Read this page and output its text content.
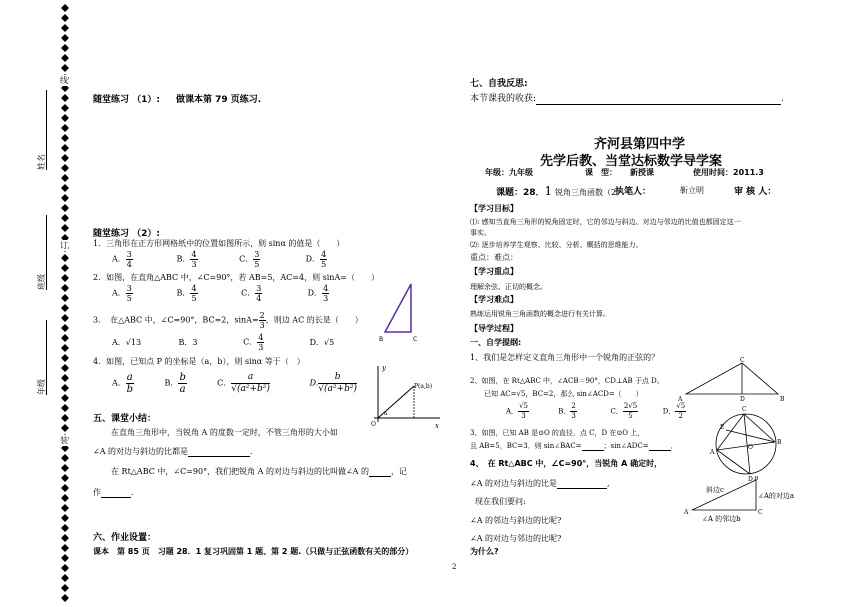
装
订
线
姓名
班级
年级
随堂练习 （1）: 做课本第 79 页练习.
随堂练习 （2）:
1．三角形在正方形网格纸中的位置如图所示，则 sinα 的值是（　　）
A． $\frac{3}{4}$	B． $\frac{4}{3}$	C． $\frac{3}{5}$	D． $\frac{4}{5}$
2．如图，在直角△ABC 中，∠C=90°，若 AB=5，AC=4，则 sinA=（　　）
A． $\frac{3}{5}$	B． $\frac{4}{5}$	C． $\frac{3}{4}$	D． $\frac{4}{3}$
3．　在△ABC 中，∠C=90°，BC=2，$\sin A= \frac{2}{3}$ ，则边 AC 的长是（　　）
A．√13	B．3	C． $\frac{4}{3}$	D．√5
4．如图，已知点 P 的坐标是（a，b），则 sinα 等于（　）
A． $\frac{a}{b}$	B． $\frac{b}{a}$	C． $\frac{a}{\text{√(a²+b²)}}$	D. $\frac{b}{\text{√(a²+b²)}}$
B	C
y
x
O
P(a,b)
α
五、课堂小结：
在直角三角形中，当锐角 A 的度数一定时，不管三角形的大小如
∠A 的对边与斜边的比都是	.
在 Rt△ABC 中，∠C=90°，我们把锐角 A 的对边与斜边的比叫做∠A 的	，记
作	.
六、作业设置：
课本　第 85 页　习题 28．1 复习巩固第 1 题、第 2 题.（只做与正弦函数有关的部分）
2
七、自我反思:
本节课我的收获:	.
齐河县第四中学
先学后教、当堂达标数学导学案
年级：九年级	课　型： 新授课	使用时间：2011.3
课题：28．1 锐角三角函数（2）
执笔人：	靳立明	审 核 人：
【学习目标】
⑴: 感知当直角三角形的锐角固定时，它的邻边与斜边、对边与邻边的比值也都固定这一
事实。
⑵: 逐步培养学生观察、比较、分析、概括的思维能力。
重点：难点：
【学习重点】
理解余弦、正切的概念。
【学习难点】
熟练运用锐角三角函数的概念进行有关计算。
【导学过程】
一、自学提纲:
1、我们是怎样定义直角三角形中一个锐角的正弦的？
2、如图，在 Rt△ABC 中，∠ACB＝90°，CD⊥AB 于点 D。
已知 AC=√5，BC=2，那么 sin∠ACD=（　　）
A． $\frac{√5}{3}$	B． $\frac{2}{3}$	C． $\frac{2√5}{5}$	D． $\frac{√5}{2}$
3、如图，已知 AB 是⊙O 的直径，点 C，D 在⊙O 上，
且 AB=5，BC=3．则 sin∠BAC=	；sin∠ADC=	．
4、　在 Rt△ABC 中，∠C=90°，当锐角 A 确定时，
∠A 的对边与斜边的比是	,
现在我们要问:
∠A 的邻边与斜边的比呢?
∠A 的对边与邻边的比呢?
为什么?
A	B
C
D
C
E
O
A
B
D
A
B
C
斜边c
∠A的对边a
∠A 的邻边b
